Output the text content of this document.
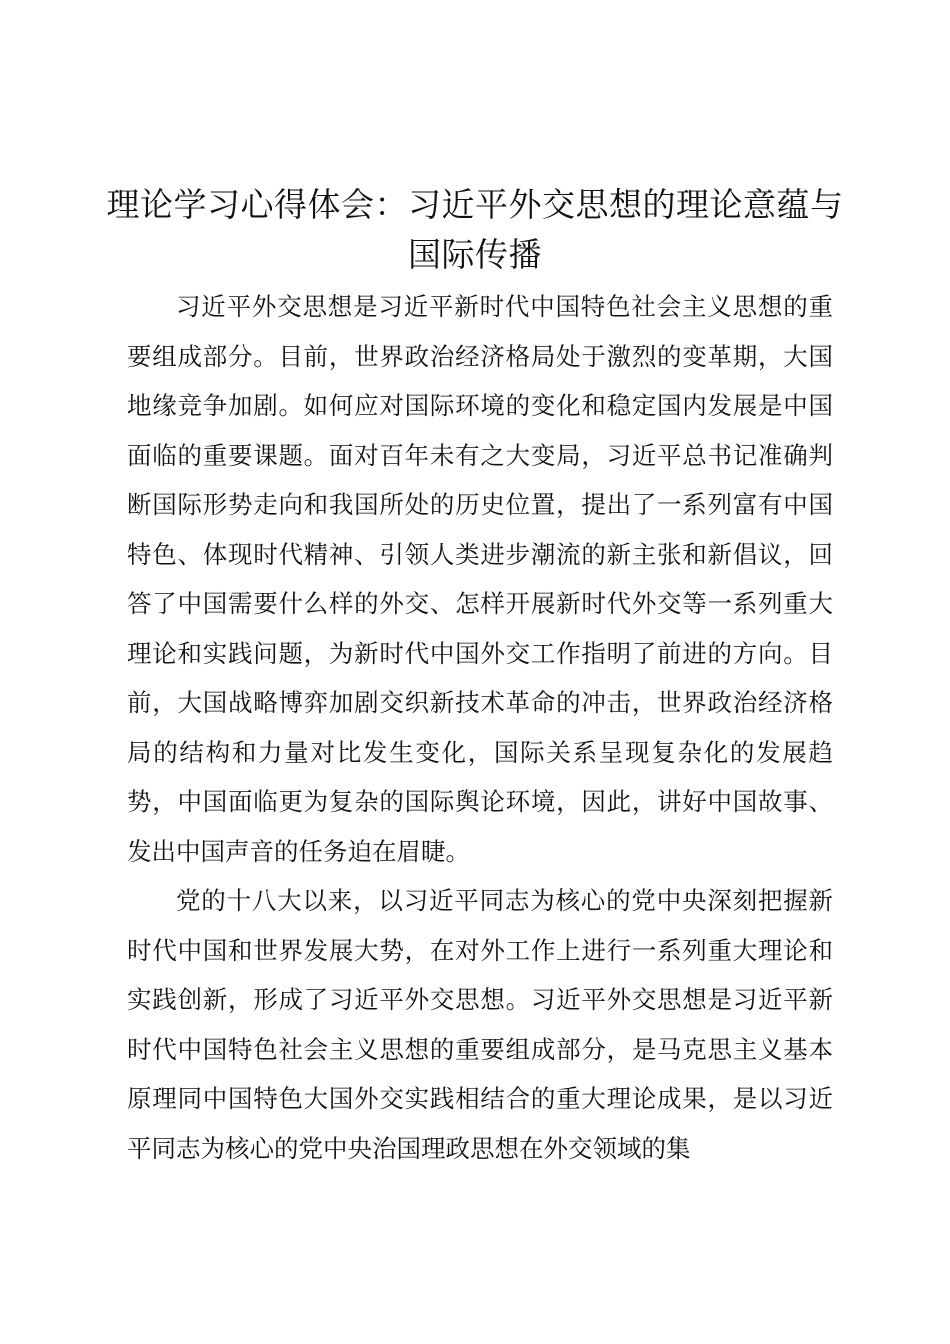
理论学习心得体会：习近平外交思想的理论意蕴与国际传播

习近平外交思想是习近平新时代中国特色社会主义思想的重要组成部分。目前，世界政治经济格局处于激烈的变革期，大国地缘竞争加剧。如何应对国际环境的变化和稳定国内发展是中国面临的重要课题。面对百年未有之大变局，习近平总书记准确判断国际形势走向和我国所处的历史位置，提出了一系列富有中国特色、体现时代精神、引领人类进步潮流的新主张和新倡议，回答了中国需要什么样的外交、怎样开展新时代外交等一系列重大理论和实践问题，为新时代中国外交工作指明了前进的方向。目前，大国战略博弈加剧交织新技术革命的冲击，世界政治经济格局的结构和力量对比发生变化，国际关系呈现复杂化的发展趋势，中国面临更为复杂的国际舆论环境，因此，讲好中国故事、发出中国声音的任务迫在眉睫。

党的十八大以来，以习近平同志为核心的党中央深刻把握新时代中国和世界发展大势，在对外工作上进行一系列重大理论和实践创新，形成了习近平外交思想。习近平外交思想是习近平新时代中国特色社会主义思想的重要组成部分，是马克思主义基本原理同中国特色大国外交实践相结合的重大理论成果，是以习近平同志为核心的党中央治国理政思想在外交领域的集
